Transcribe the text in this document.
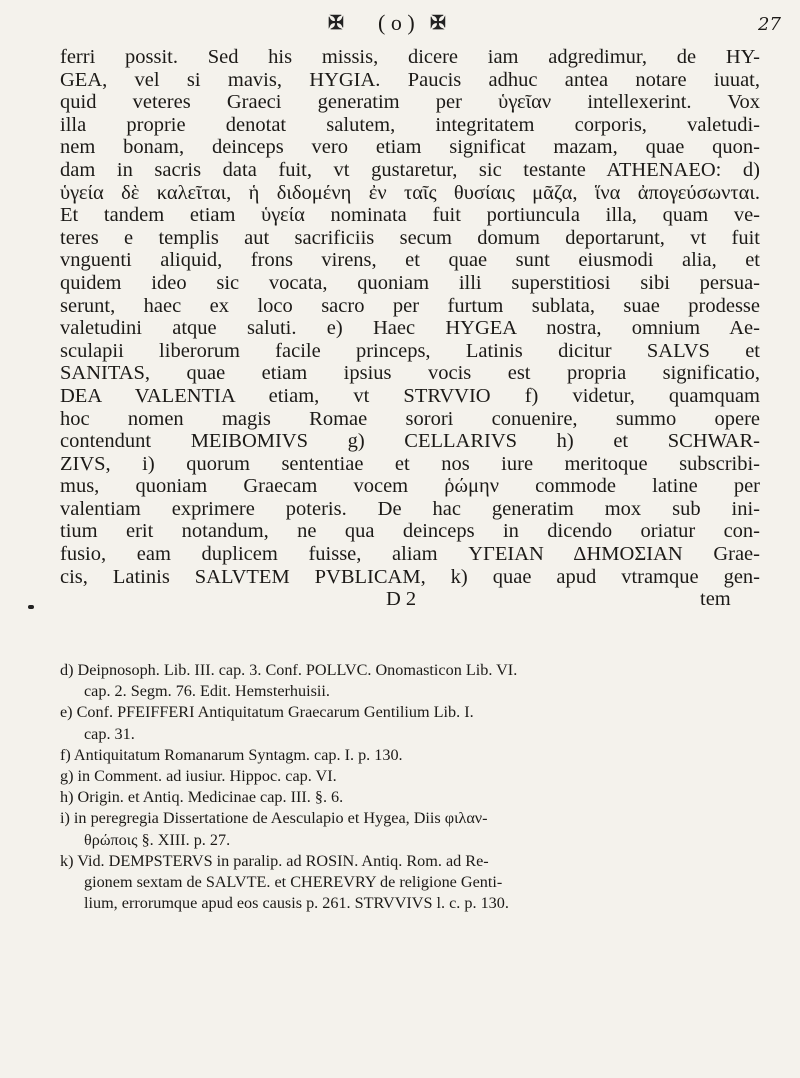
✠ ( o ) ✠	27
ferri possit. Sed his missis, dicere iam adgredimur, de HY-
GEA, vel si mavis, HYGIA. Paucis adhuc antea notare iuuat,
quid veteres Graeci generatim per ὑγεῖαν intellexerint. Vox
illa proprie denotat salutem, integritatem corporis, valetudi-
nem bonam, deinceps vero etiam significat mazam, quae quon-
dam in sacris data fuit, vt gustaretur, sic testante ATHENAEO: d)
ὑγεία δὲ καλεῖται, ἡ διδομένη ἐν ταῖς θυσίαις μᾶζα, ἵνα ἀπογεύσωνται.
Et tandem etiam ὑγεία nominata fuit portiuncula illa, quam ve-
teres e templis aut sacrificiis secum domum deportarunt, vt fuit
vnguenti aliquid, frons virens, et quae sunt eiusmodi alia, et
quidem ideo sic vocata, quoniam illi superstitiosi sibi persua-
serunt, haec ex loco sacro per furtum sublata, suae prodesse
valetudini atque saluti. e) Haec HYGEA nostra, omnium Ae-
sculapii liberorum facile princeps, Latinis dicitur SALVS et
SANITAS, quae etiam ipsius vocis est propria significatio,
DEA VALENTIA etiam, vt STRVVIO f) videtur, quamquam
hoc nomen magis Romae sorori conuenire, summo opere
contendunt MEIBOMIVS g) CELLARIVS h) et SCHWAR-
ZIVS, i) quorum sententiae et nos iure meritoque subscribi-
mus, quoniam Graecam vocem ῥώμην commode latine per
valentiam exprimere poteris. De hac generatim mox sub ini-
tium erit notandum, ne qua deinceps in dicendo oriatur con-
fusio, eam duplicem fuisse, aliam ΥΓΕΙΑΝ ΔΗΜΟΣΙΑΝ Grae-
cis, Latinis SALVTEM PVBLICAM, k) quae apud vtramque gen-
D 2	tem
d) Deipnosoph. Lib. III. cap. 3. Conf. POLLVC. Onomasticon Lib. VI.
cap. 2. Segm. 76. Edit. Hemsterhuisii.
e) Conf. PFEIFFERI Antiquitatum Graecarum Gentilium Lib. I.
cap. 31.
f) Antiquitatum Romanarum Syntagm. cap. I. p. 130.
g) in Comment. ad iusiur. Hippoc. cap. VI.
h) Origin. et Antiq. Medicinae cap. III. §. 6.
i) in peregregia Dissertatione de Aesculapio et Hygea, Diis φιλαν-
θρώποις §. XIII. p. 27.
k) Vid. DEMPSTERVS in paralip. ad ROSIN. Antiq. Rom. ad Re-
gionem sextam de SALVTE. et CHEREVRY de religione Genti-
lium, errorumque apud eos causis p. 261. STRVVIVS l. c. p. 130.
